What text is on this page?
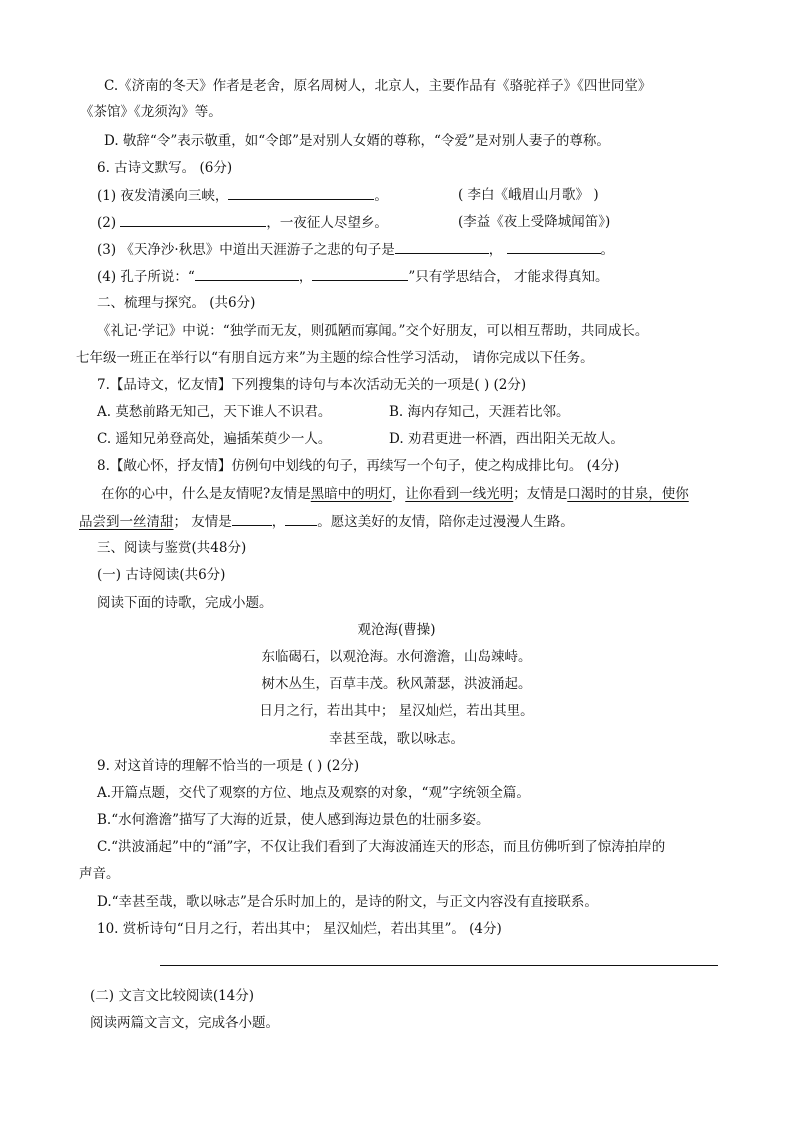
C.《济南的冬天》作者是老舍，原名周树人，北京人，主要作品有《骆驼祥子》《四世同堂》
《茶馆》《龙须沟》等。
D. 敬辞“令”表示敬重，如“令郎”是对别人女婿的尊称，“令爱”是对别人妻子的尊称。
6. 古诗文默写。 (6分)
(1) 夜发清溪向三峡，	。	( 李白《峨眉山月歌》 )
(2)	，一夜征人尽望乡。	(李益《夜上受降城闻笛》)
(3) 《天净沙·秋思》中道出天涯游子之悲的句子是	，	。
(4) 孔子所说：“	，	”只有学思结合， 才能求得真知。
二、梳理与探究。 (共6分)
《礼记·学记》中说：“独学而无友，则孤陋而寡闻。”交个好朋友，可以相互帮助，共同成长。
七年级一班正在举行以“有朋自远方来”为主题的综合性学习活动， 请你完成以下任务。
7.【品诗文，忆友情】下列搜集的诗句与本次活动无关的一项是( ) (2分)
A. 莫愁前路无知己，天下谁人不识君。	B. 海内存知己，天涯若比邻。
C. 遥知兄弟登高处，遍插茱萸少一人。	D. 劝君更进一杯酒，西出阳关无故人。
8.【敞心怀，抒友情】仿例句中划线的句子，再续写一个句子，使之构成排比句。 (4分)
在你的心中，什么是友情呢?友情是黑暗中的明灯，让你看到一线光明；友情是口渴时的甘泉，使你
品尝到一丝清甜； 友情是	， 。愿这美好的友情，陪你走过漫漫人生路。
三、阅读与鉴赏(共48分)
(一) 古诗阅读(共6分)
阅读下面的诗歌，完成小题。
观沧海(曹操)
东临碣石，以观沧海。水何澹澹，山岛竦峙。
树木丛生，百草丰茂。秋风萧瑟，洪波涌起。
日月之行，若出其中； 星汉灿烂，若出其里。
幸甚至哉，歌以咏志。
9. 对这首诗的理解不恰当的一项是 ( ) (2分)
A.开篇点题，交代了观察的方位、地点及观察的对象，“观”字统领全篇。
B.“水何澹澹”描写了大海的近景，使人感到海边景色的壮丽多姿。
C.“洪波涌起”中的“涌”字，不仅让我们看到了大海波涌连天的形态，而且仿佛听到了惊涛拍岸的
声音。
D.“幸甚至哉，歌以咏志”是合乐时加上的，是诗的附文，与正文内容没有直接联系。
10. 赏析诗句“日月之行，若出其中； 星汉灿烂，若出其里”。 (4分)
(二) 文言文比较阅读(14分)
阅读两篇文言文，完成各小题。
